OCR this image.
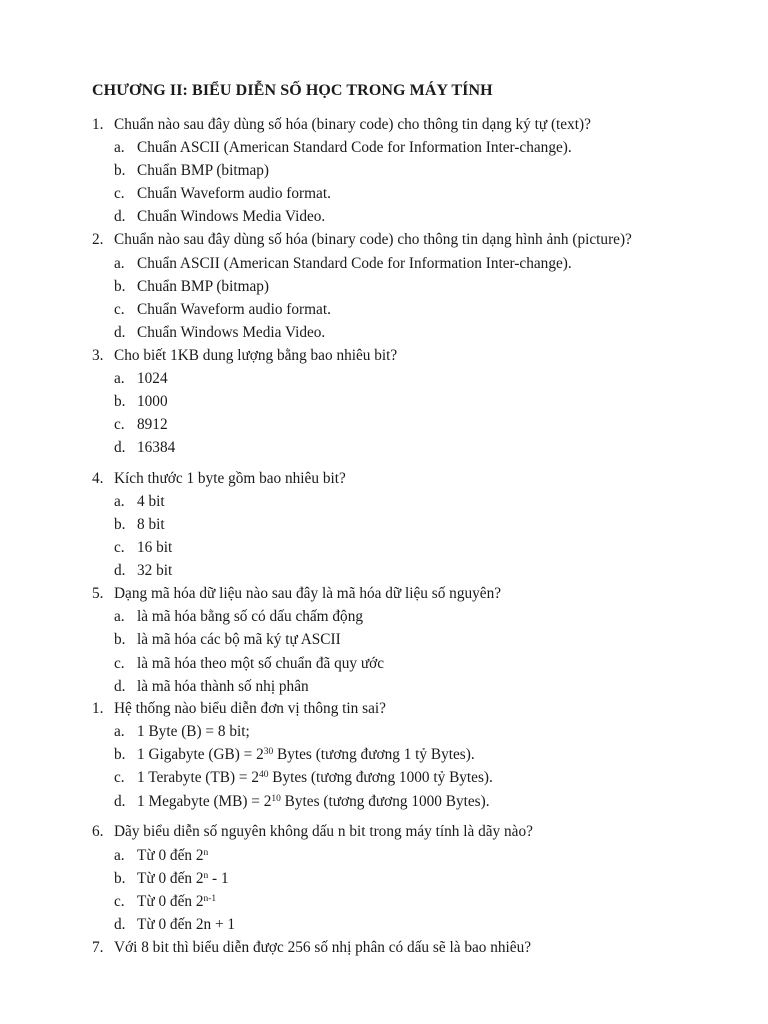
CHƯƠNG II: BIỂU DIỄN SỐ HỌC TRONG MÁY TÍNH
1. Chuẩn nào sau đây dùng số hóa (binary code) cho thông tin dạng ký tự (text)?
a. Chuẩn ASCII (American Standard Code for Information Inter-change).
b. Chuẩn BMP (bitmap)
c. Chuẩn Waveform audio format.
d. Chuẩn Windows Media Video.
2. Chuẩn nào sau đây dùng số hóa (binary code) cho thông tin dạng hình ảnh (picture)?
a. Chuẩn ASCII (American Standard Code for Information Inter-change).
b. Chuẩn BMP (bitmap)
c. Chuẩn Waveform audio format.
d. Chuẩn Windows Media Video.
3. Cho biết 1KB dung lượng bằng bao nhiêu bit?
a. 1024
b. 1000
c. 8912
d. 16384
4. Kích thước 1 byte gồm bao nhiêu bit?
a. 4 bit
b. 8 bit
c. 16 bit
d. 32 bit
5. Dạng mã hóa dữ liệu nào sau đây là mã hóa dữ liệu số nguyên?
a. là mã hóa bằng số có dấu chấm động
b. là mã hóa các bộ mã ký tự ASCII
c. là mã hóa theo một số chuẩn đã quy ước
d. là mã hóa thành số nhị phân
1. Hệ thống nào biểu diễn đơn vị thông tin sai?
a. 1 Byte (B) = 8 bit;
b. 1 Gigabyte $(GB) = 2^{30}$ Bytes (tương đương 1 tỷ Bytes).
c. 1 Terabyte $(TB) = 2^{40}$ Bytes (tương đương 1000 tỷ Bytes).
d. 1 Megabyte $(MB) = 2^{10}$ Bytes (tương đương 1000 Bytes).
6. Dãy biểu diễn số nguyên không dấu n bit trong máy tính là dãy nào?
a. Từ 0 đến 2$^n$
b. Từ 0 đến 2$^n$ - 1
c. Từ 0 đến 2$^{n-1}$
d. Từ 0 đến 2n + 1
7. Với 8 bit thì biểu diễn được 256 số nhị phân có dấu sẽ là bao nhiêu?
